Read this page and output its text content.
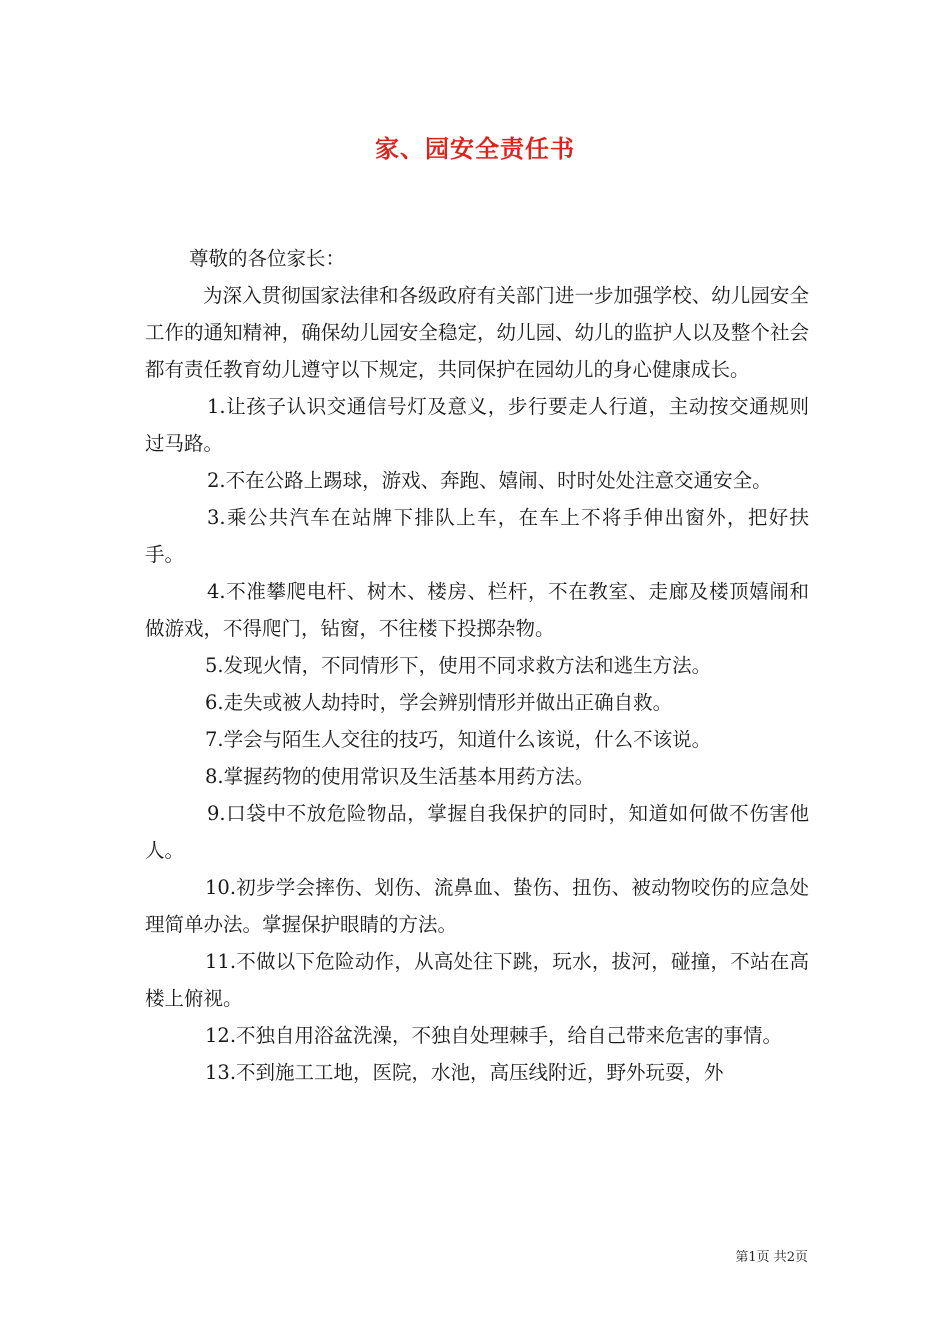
家、园安全责任书

尊敬的各位家长：

为深入贯彻国家法律和各级政府有关部门进一步加强学校、幼儿园安全工作的通知精神，确保幼儿园安全稳定，幼儿园、幼儿的监护人以及整个社会都有责任教育幼儿遵守以下规定，共同保护在园幼儿的身心健康成长。

1.让孩子认识交通信号灯及意义，步行要走人行道，主动按交通规则过马路。

2.不在公路上踢球，游戏、奔跑、嬉闹、时时处处注意交通安全。

3.乘公共汽车在站牌下排队上车，在车上不将手伸出窗外，把好扶手。

4.不准攀爬电杆、树木、楼房、栏杆，不在教室、走廊及楼顶嬉闹和做游戏，不得爬门，钻窗，不往楼下投掷杂物。

5.发现火情，不同情形下，使用不同求救方法和逃生方法。

6.走失或被人劫持时，学会辨别情形并做出正确自救。

7.学会与陌生人交往的技巧，知道什么该说，什么不该说。

8.掌握药物的使用常识及生活基本用药方法。

9.口袋中不放危险物品，掌握自我保护的同时，知道如何做不伤害他人。

10.初步学会摔伤、划伤、流鼻血、蛰伤、扭伤、被动物咬伤的应急处理简单办法。掌握保护眼睛的方法。

11.不做以下危险动作，从高处往下跳，玩水，拔河，碰撞，不站在高楼上俯视。

12.不独自用浴盆洗澡，不独自处理棘手，给自己带来危害的事情。

13.不到施工工地，医院，水池，高压线附近，野外玩耍，外

第1页 共2页
